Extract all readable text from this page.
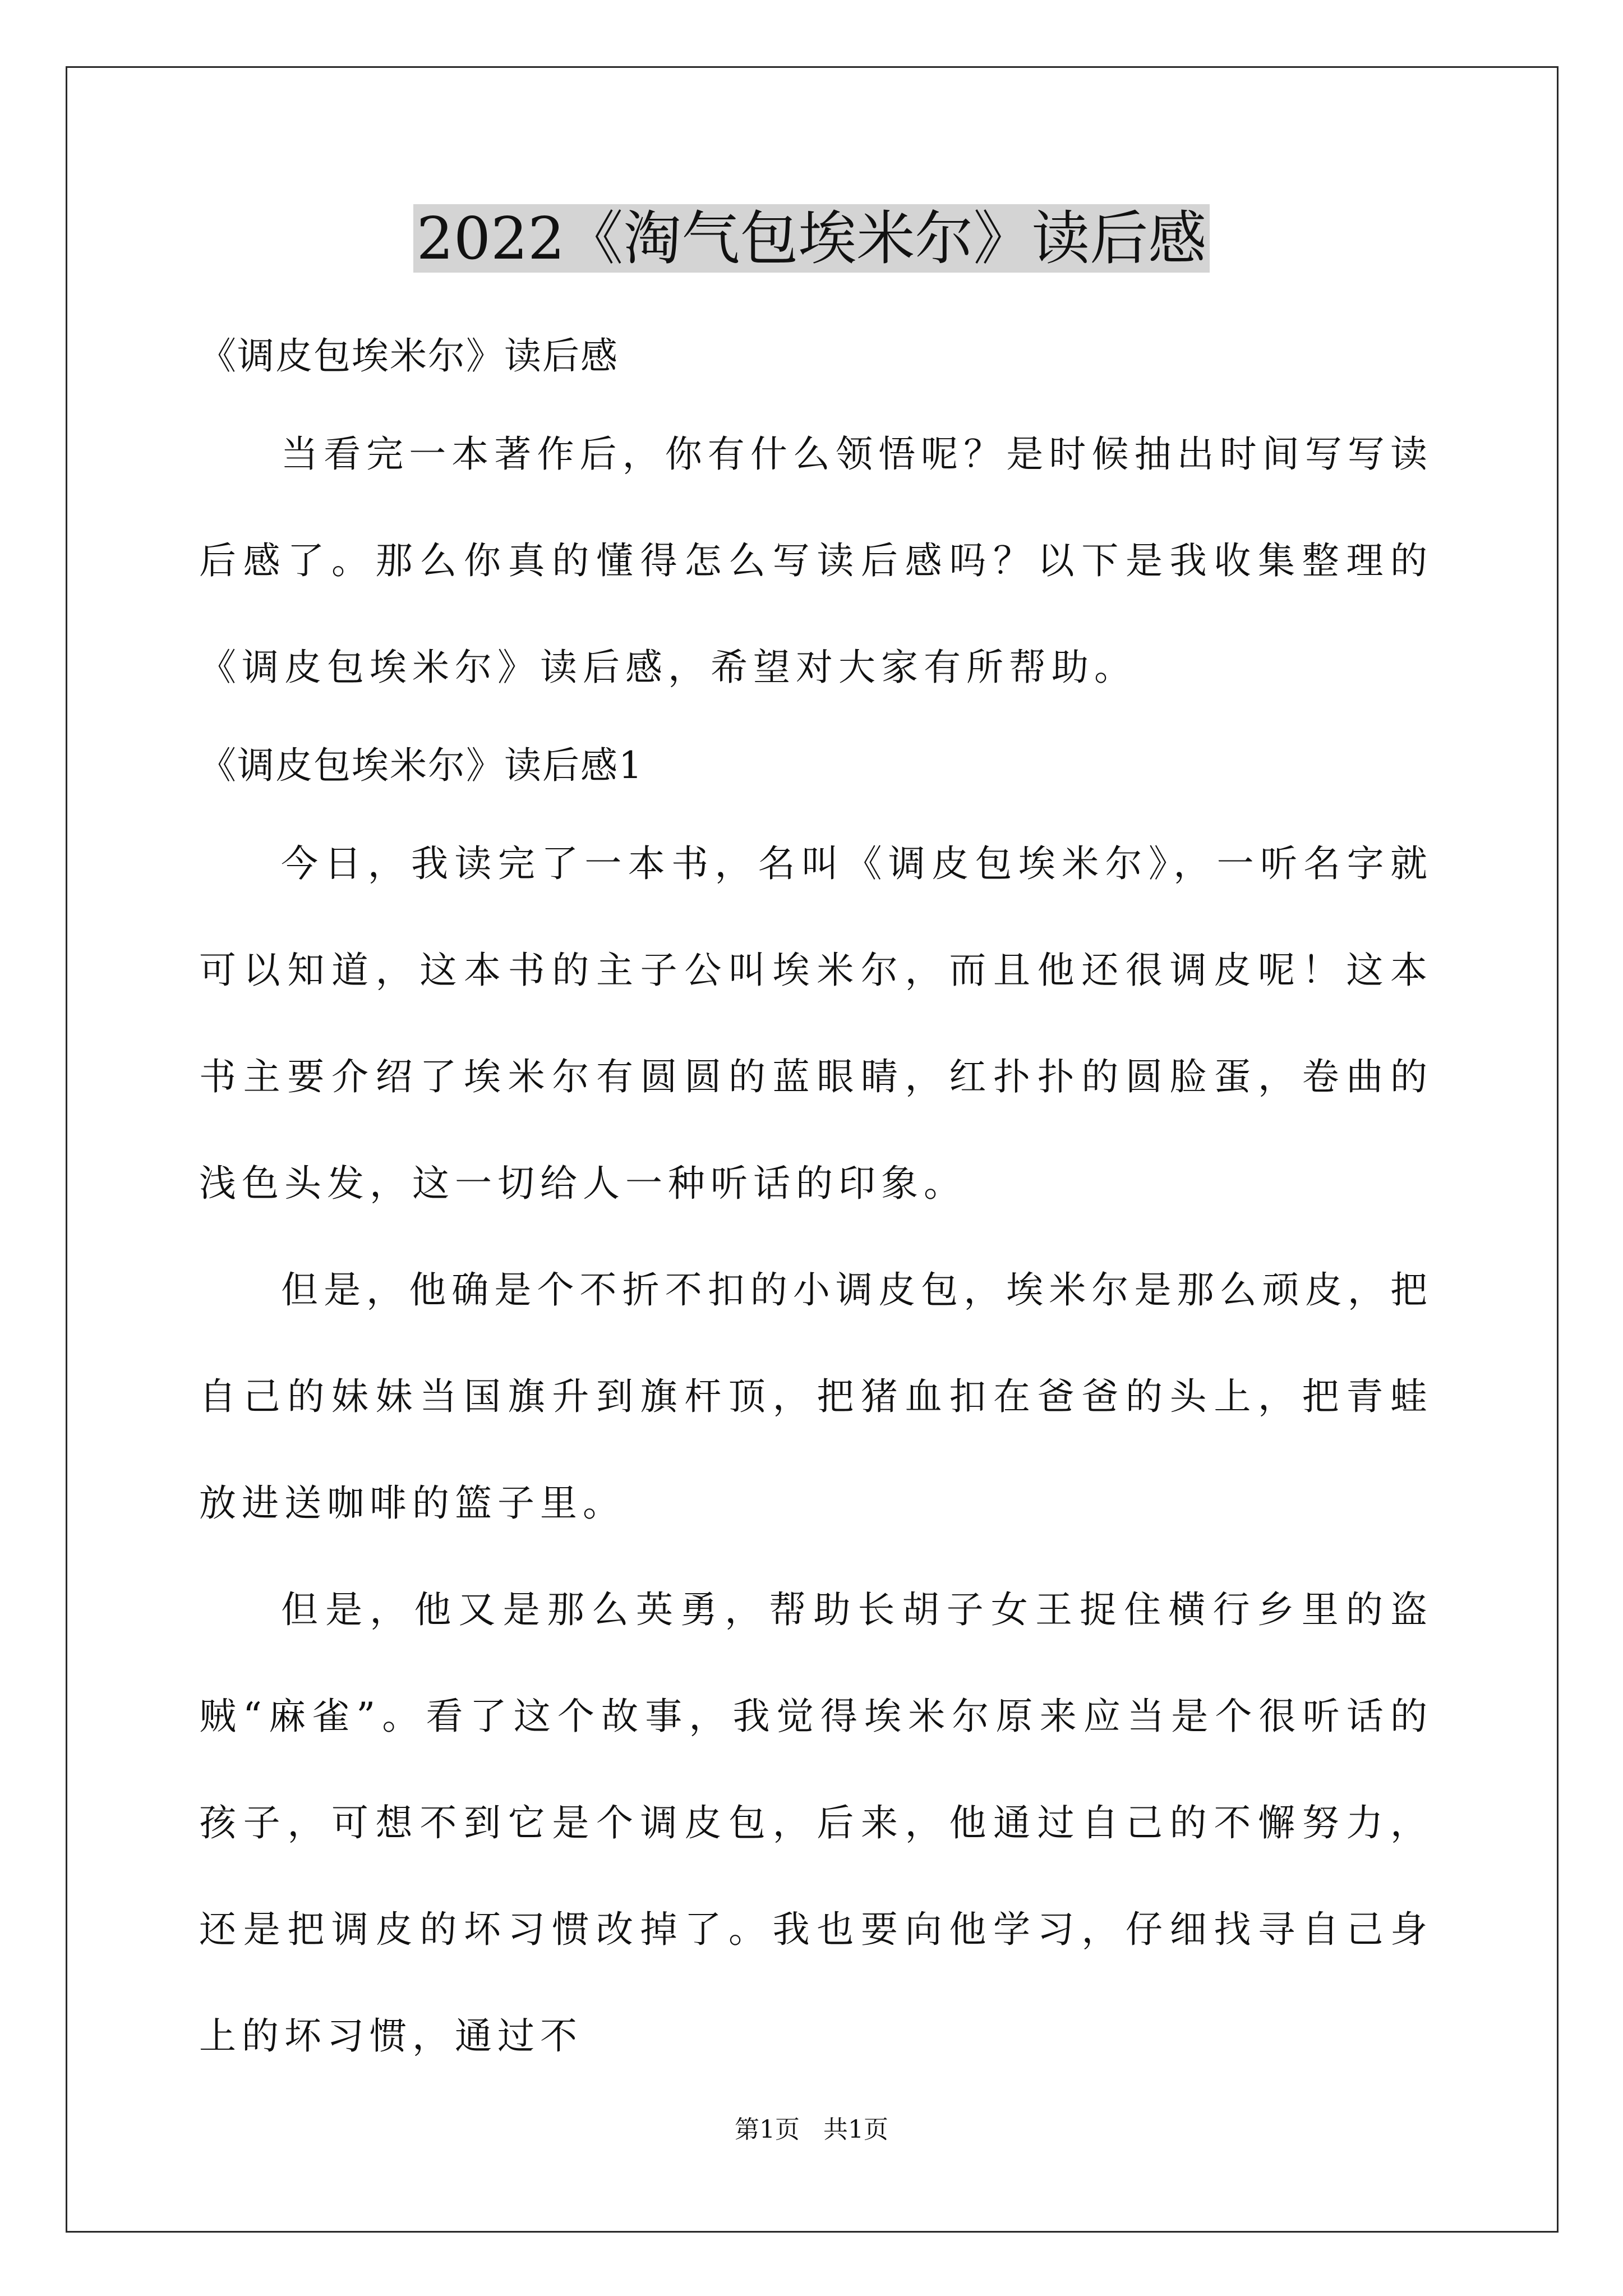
2022《淘气包埃米尔》读后感

《调皮包埃米尔》读后感

当看完一本著作后，你有什么领悟呢？是时候抽出时间写写读后感了。那么你真的懂得怎么写读后感吗？以下是我收集整理的《调皮包埃米尔》读后感，希望对大家有所帮助。

《调皮包埃米尔》读后感1

今日，我读完了一本书，名叫《调皮包埃米尔》，一听名字就可以知道，这本书的主子公叫埃米尔，而且他还很调皮呢！这本书主要介绍了埃米尔有圆圆的蓝眼睛，红扑扑的圆脸蛋，卷曲的浅色头发，这一切给人一种听话的印象。

但是，他确是个不折不扣的小调皮包，埃米尔是那么顽皮，把自己的妹妹当国旗升到旗杆顶，把猪血扣在爸爸的头上，把青蛙放进送咖啡的篮子里。

但是，他又是那么英勇，帮助长胡子女王捉住横行乡里的盗贼“麻雀”。看了这个故事，我觉得埃米尔原来应当是个很听话的孩子，可想不到它是个调皮包，后来，他通过自己的不懈努力，还是把调皮的坏习惯改掉了。我也要向他学习，仔细找寻自己身上的坏习惯，通过不

第1页   共1页
